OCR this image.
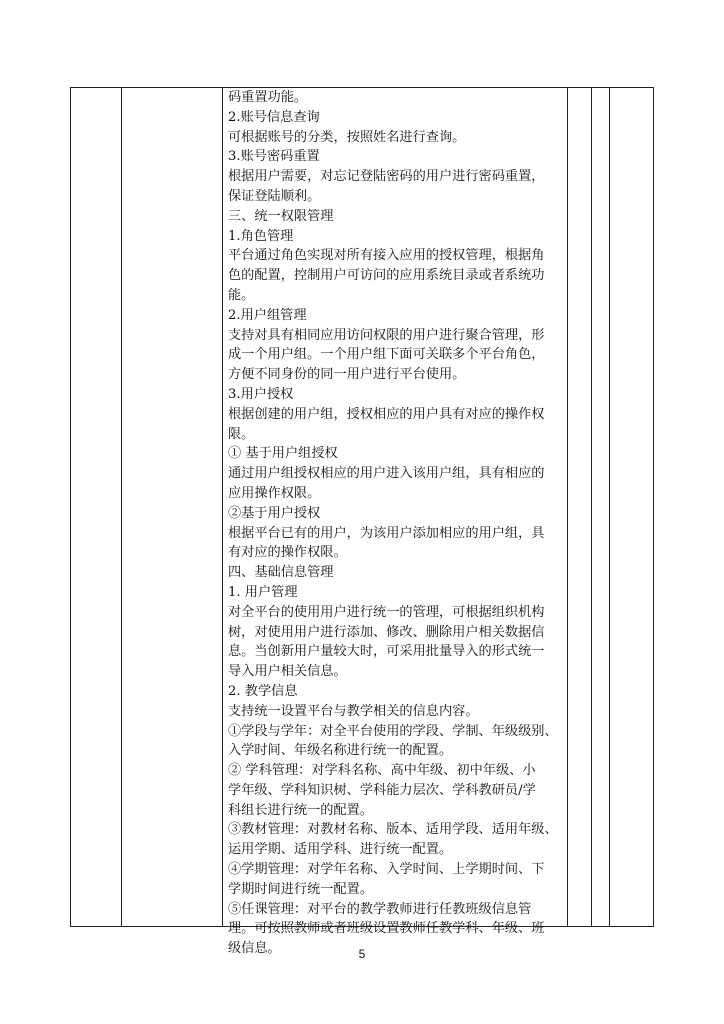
码重置功能。
2.账号信息查询
可根据账号的分类，按照姓名进行查询。
3.账号密码重置
根据用户需要，对忘记登陆密码的用户进行密码重置，
保证登陆顺利。
三、统一权限管理
1.角色管理
平台通过角色实现对所有接入应用的授权管理，根据角
色的配置，控制用户可访问的应用系统目录或者系统功
能。
2.用户组管理
支持对具有相同应用访问权限的用户进行聚合管理，形
成一个用户组。一个用户组下面可关联多个平台角色，
方便不同身份的同一用户进行平台使用。
3.用户授权
根据创建的用户组，授权相应的用户具有对应的操作权
限。
① 基于用户组授权
通过用户组授权相应的用户进入该用户组，具有相应的
应用操作权限。
②基于用户授权
根据平台已有的用户，为该用户添加相应的用户组，具
有对应的操作权限。
四、基础信息管理
1. 用户管理
对全平台的使用用户进行统一的管理，可根据组织机构
树，对使用用户进行添加、修改、删除用户相关数据信
息。当创新用户量较大时，可采用批量导入的形式统一
导入用户相关信息。
2. 教学信息
支持统一设置平台与教学相关的信息内容。
①学段与学年：对全平台使用的学段、学制、年级级别、
入学时间、年级名称进行统一的配置。
② 学科管理：对学科名称、高中年级、初中年级、小
学年级、学科知识树、学科能力层次、学科教研员/学
科组长进行统一的配置。
③教材管理：对教材名称、版本、适用学段、适用年级、
运用学期、适用学科、进行统一配置。
④学期管理：对学年名称、入学时间、上学期时间、下
学期时间进行统一配置。
⑤任课管理：对平台的教学教师进行任教班级信息管
理。可按照教师或者班级设置教师任教学科、年级、班
级信息。	5
